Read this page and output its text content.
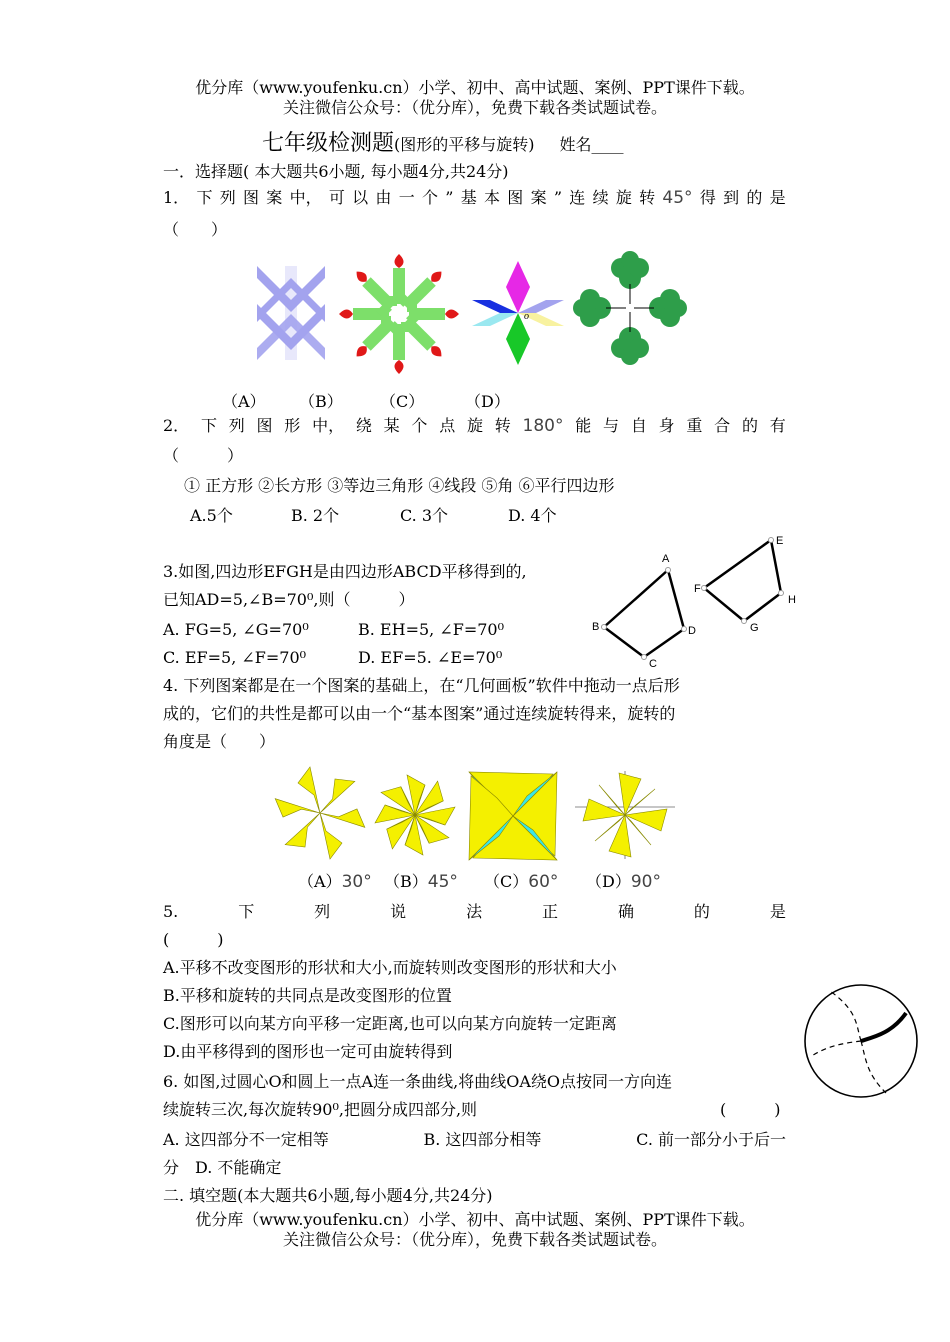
优分库（www.youfenku.cn）小学、初中、高中试题、案例、PPT课件下载。
关注微信公众号：（优分库），免费下载各类试题试卷。
七年级检测题(图形的平移与旋转) 姓名____
一．选择题( 本大题共6小题, 每小题4分,共24分)
1． 下 列 图 案 中， 可 以 由 一 个 ” 基 本 图 案 ” 连 续 旋 转 45° 得 到 的 是
（　　）
o
（A） （B） （C）	（D）
2． 下 列 图 形 中， 绕 某 个 点 旋 转 180° 能 与 自 身 重 合 的 有
（　　　）
① 正方形 ②长方形 ③等边三角形 ④线段 ⑤角 ⑥平行四边形
A.5个	B. 2个	C. 3个	D. 4个
3.如图,四边形EFGH是由四边形ABCD平移得到的,
已知AD=5,∠B=70⁰,则（　　　）
A. FG=5, ∠G=70⁰	B. EH=5, ∠F=70⁰
C. EF=5, ∠F=70⁰	D. EF=5. ∠E=70⁰
A
B
C
D
E
F
G
H
4. 下列图案都是在一个图案的基础上，在“几何画板”软件中拖动一点后形
成的，它们的共性是都可以由一个“基本图案”通过连续旋转得来，旋转的
角度是（　　）
（A）30° （B）45° （C）60° （D）90°
5.	下	列	说	法	正	确	的	是
(　　　)
A.平移不改变图形的形状和大小,而旋转则改变图形的形状和大小
B.平移和旋转的共同点是改变图形的位置
C.图形可以向某方向平移一定距离,也可以向某方向旋转一定距离
D.由平移得到的图形也一定可由旋转得到
6. 如图,过圆心O和圆上一点A连一条曲线,将曲线OA绕O点按同一方向连
续旋转三次,每次旋转90⁰,把圆分成四部分,则	(　　　)
A. 这四部分不一定相等	B. 这四部分相等	C. 前一部分小于后一
分　D. 不能确定
二. 填空题(本大题共6小题,每小题4分,共24分)
优分库（www.youfenku.cn）小学、初中、高中试题、案例、PPT课件下载。
关注微信公众号：（优分库），免费下载各类试题试卷。
